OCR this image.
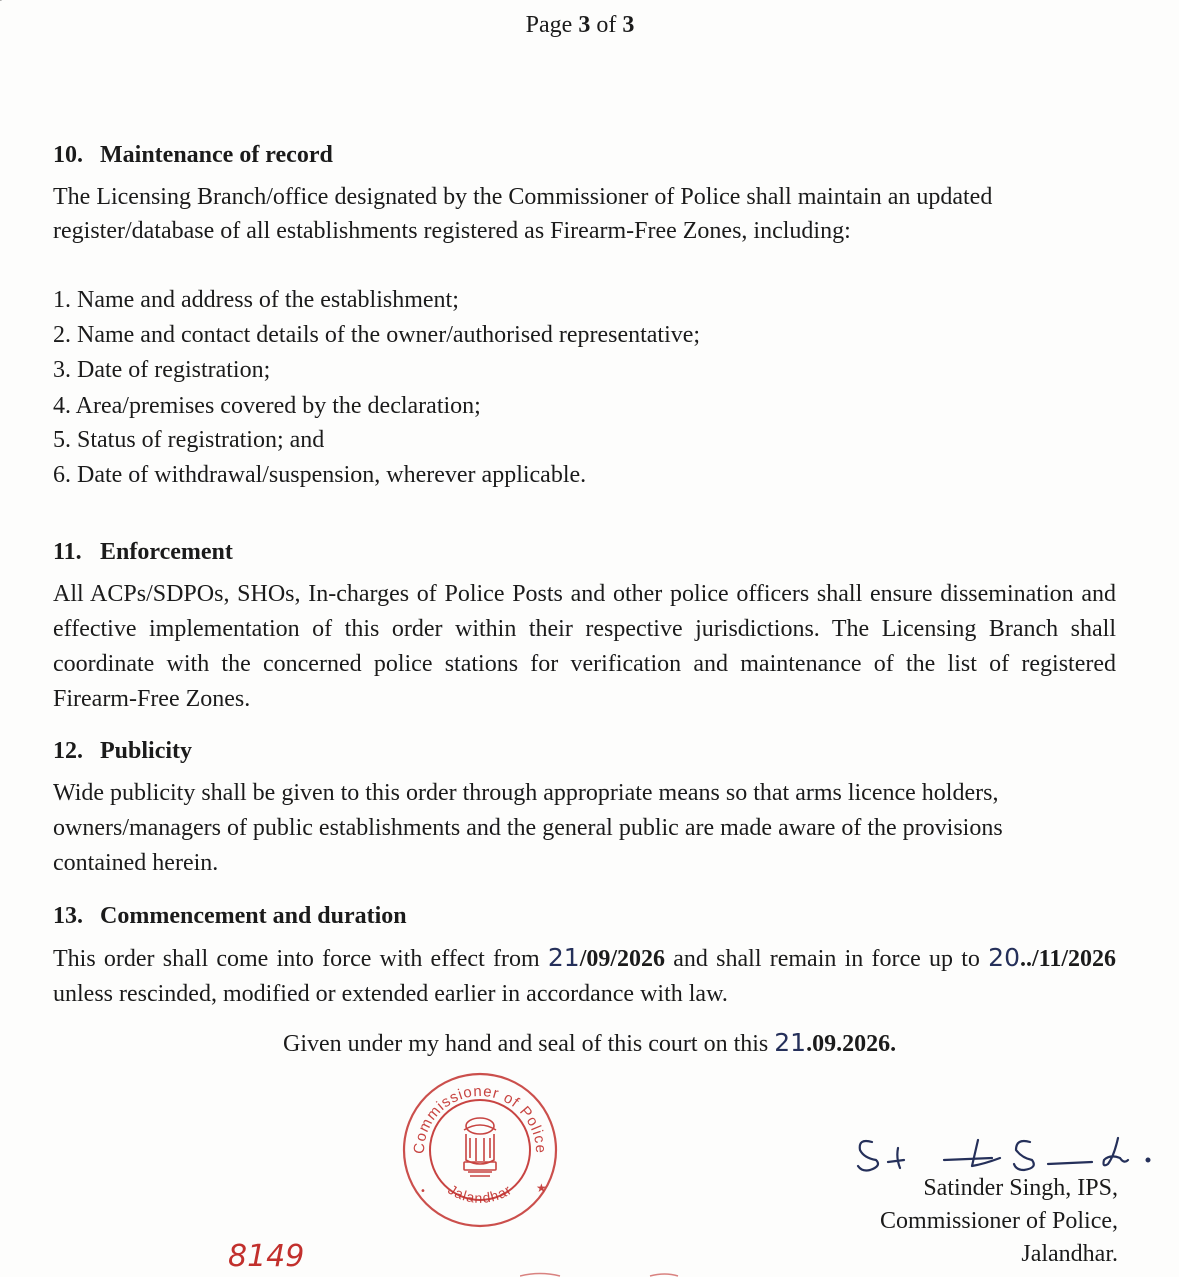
Page 3 of 3
10. Maintenance of record
The Licensing Branch/office designated by the Commissioner of Police shall maintain an updated
register/database of all establishments registered as Firearm-Free Zones, including:
1. Name and address of the establishment;
2. Name and contact details of the owner/authorised representative;
3. Date of registration;
4. Area/premises covered by the declaration;
5. Status of registration; and
6. Date of withdrawal/suspension, wherever applicable.
11. Enforcement
All ACPs/SDPOs, SHOs, In-charges of Police Posts and other police officers shall ensure dissemination and effective implementation of this order within their respective jurisdictions. The Licensing Branch shall coordinate with the concerned police stations for verification and maintenance of the list of registered Firearm-Free Zones.
12. Publicity
Wide publicity shall be given to this order through appropriate means so that arms licence holders, owners/managers of public establishments and the general public are made aware of the provisions contained herein.
13. Commencement and duration
This order shall come into force with effect from 21/09/2026 and shall remain in force up to 20../11/2026 unless rescinded, modified or extended earlier in accordance with law.
Given under my hand and seal of this court on this 21.09.2026.
Commissioner of Police
Jalandhar ★
•	Satinder Singh, IPS,
Commissioner of Police,
Jalandhar.
8149
